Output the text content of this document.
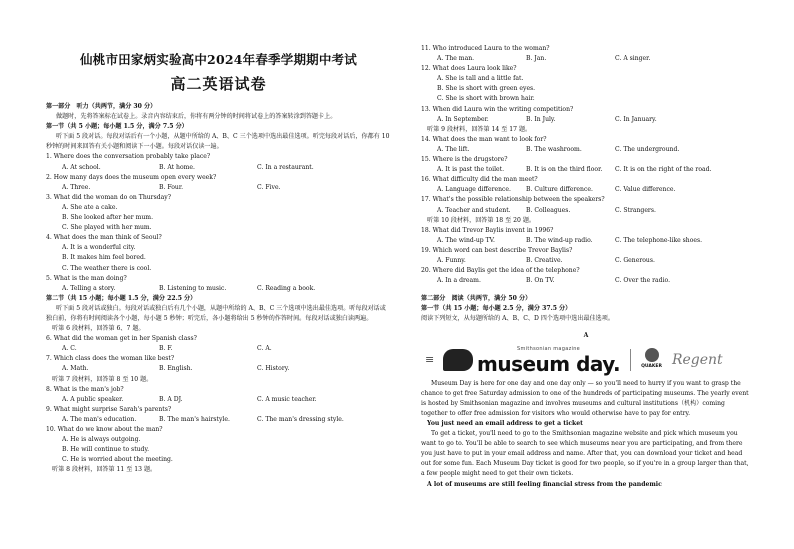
仙桃市田家炳实验高中2024年春季学期期中考试
高二英语试卷
第一部分　听力（共两节，满分 30 分）
做题时，先将答案标在试卷上。录音内容结束后，你将有两分钟的时间将试卷上的答案转涂到答题卡上。
第一节（共 5 小题；每小题 1.5 分，满分 7.5 分）
听下面 5 段对话。每段对话后有一个小题，从题中所给的 A、B、C 三个选项中选出最佳选项。听完每段对话后，你都有 10 秒钟的时间来回答有关小题和阅读下一小题。每段对话仅读一遍。
1. Where does the conversation probably take place?
A. At school.	B. At home.	C. In a restaurant.
2. How many days does the museum open every week?
A. Three.	B. Four.	C. Five.
3. What did the woman do on Thursday?
A. She ate a cake.
B. She looked after her mum.
C. She played with her mum.
4. What does the man think of Seoul?
A. It is a wonderful city.
B. It makes him feel bored.
C. The weather there is cool.
5. What is the man doing?
A. Telling a story.	B. Listening to music.	C. Reading a book.
第二节（共 15 小题；每小题 1.5 分，满分 22.5 分）
听下面 5 段对话或独白。每段对话或独白后有几个小题，从题中所给的 A、B、C 三个选项中选出最佳选项。听每段对话或独白前，你将有时间阅读各个小题，每小题 5 秒钟；听完后，各小题将给出 5 秒钟的作答时间。每段对话或独白读两遍。
听第 6 段材料，回答第 6、7 题。
6. What did the woman get in her Spanish class?
A. C.	B. F.	C. A.
7. Which class does the woman like best?
A. Math.	B. English.	C. History.
听第 7 段材料，回答第 8 至 10 题。
8. What is the man's job?
A. A public speaker.	B. A DJ.	C. A music teacher.
9. What might surprise Sarah's parents?
A. The man's education.	B. The man's hairstyle.	C. The man's dressing style.
10. What do we know about the man?
A. He is always outgoing.
B. He will continue to study.
C. He is worried about the meeting.
听第 8 段材料，回答第 11 至 13 题。
11. Who introduced Laura to the woman?
A. The man.	B. Jan.	C. A singer.
12. What does Laura look like?
A. She is tall and a little fat.
B. She is short with green eyes.
C. She is short with brown hair.
13. When did Laura win the writing competition?
A. In September.	B. In July.	C. In January.
听第 9 段材料，回答第 14 至 17 题。
14. What does the man want to look for?
A. The lift.	B. The washroom.	C. The underground.
15. Where is the drugstore?
A. It is past the toilet.	B. It is on the third floor.	C. It is on the right of the road.
16. What difficulty did the man meet?
A. Language difference.	B. Culture difference.	C. Value difference.
17. What's the possible relationship between the speakers?
A. Teacher and student.	B. Colleagues.	C. Strangers.
听第 10 段材料，回答第 18 至 20 题。
18. What did Trevor Baylis invent in 1996?
A. The wind-up TV.	B. The wind-up radio.	C. The telephone-like shoes.
19. Which word can best describe Trevor Baylis?
A. Funny.	B. Creative.	C. Generous.
20. Where did Baylis get the idea of the telephone?
A. In a dream.	B. On TV.	C. Over the radio.
第二部分　阅读（共两节，满分 50 分）
第一节（共 15 小题；每小题 2.5 分，满分 37.5 分）
阅读下列短文，从每题所给的 A、B、C、D 四个选项中选出最佳选项。
A
≡
Smithsonian magazine
museum day.	QUAKER Regent
Museum Day is here for one day and one day only — so you'll need to hurry if you want to grasp the chance to get free Saturday admission to one of the hundreds of participating museums. The yearly event is hosted by Smithsonian magazine and involves museums and cultural institutions（机构）coming together to offer free admission for visitors who would otherwise have to pay for entry.
You just need an email address to get a ticket
To get a ticket, you'll need to go to the Smithsonian magazine website and pick which museum you want to go to. You'll be able to search to see which museums near you are participating, and from there you just have to put in your email address and name. After that, you can download your ticket and head out for some fun. Each Museum Day ticket is good for two people, so if you're in a group larger than that, a few people might need to get their own tickets.
A lot of museums are still feeling financial stress from the pandemic
